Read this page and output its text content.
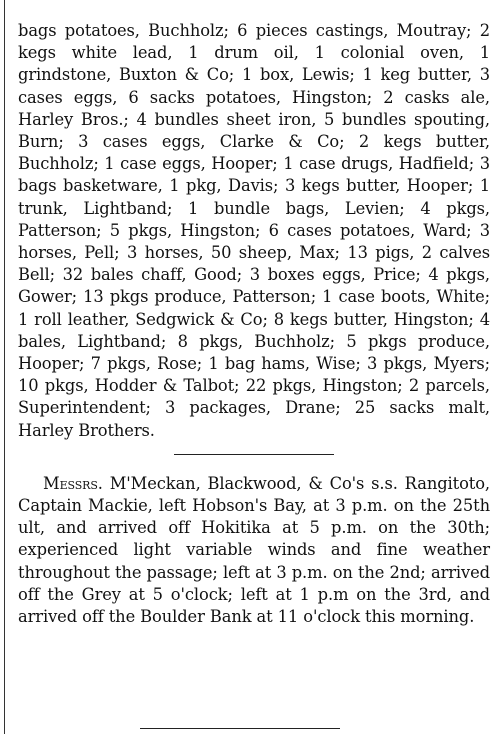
bags potatoes, Buchholz; 6 pieces castings, Moutray; 2 kegs white lead, 1 drum oil, 1 colonial oven, 1 grindstone, Buxton & Co; 1 box, Lewis; 1 keg butter, 3 cases eggs, 6 sacks potatoes, Hingston; 2 casks ale, Harley Bros.; 4 bundles sheet iron, 5 bundles spouting, Burn; 3 cases eggs, Clarke & Co; 2 kegs butter, Buchholz; 1 case eggs, Hooper; 1 case drugs, Hadfield; 3 bags basketware, 1 pkg, Davis; 3 kegs butter, Hooper; 1 trunk, Lightband; 1 bundle bags, Levien; 4 pkgs, Patterson; 5 pkgs, Hingston; 6 cases potatoes, Ward; 3 horses, Pell; 3 horses, 50 sheep, Max; 13 pigs, 2 calves Bell; 32 bales chaff, Good; 3 boxes eggs, Price; 4 pkgs, Gower; 13 pkgs produce, Patterson; 1 case boots, White; 1 roll leather, Sedgwick & Co; 8 kegs butter, Hingston; 4 bales, Lightband; 8 pkgs, Buchholz; 5 pkgs produce, Hooper; 7 pkgs, Rose; 1 bag hams, Wise; 3 pkgs, Myers; 10 pkgs, Hodder & Talbot; 22 pkgs, Hingston; 2 parcels, Superintendent; 3 packages, Drane; 25 sacks malt, Harley Brothers.
Messrs. M'Meckan, Blackwood, & Co's s.s. Rangitoto, Captain Mackie, left Hobson's Bay, at 3 p.m. on the 25th ult, and arrived off Hokitika at 5 p.m. on the 30th; experienced light variable winds and fine weather throughout the passage; left at 3 p.m. on the 2nd; arrived off the Grey at 5 o'clock; left at 1 p.m on the 3rd, and arrived off the Boulder Bank at 11 o'clock this morning.
